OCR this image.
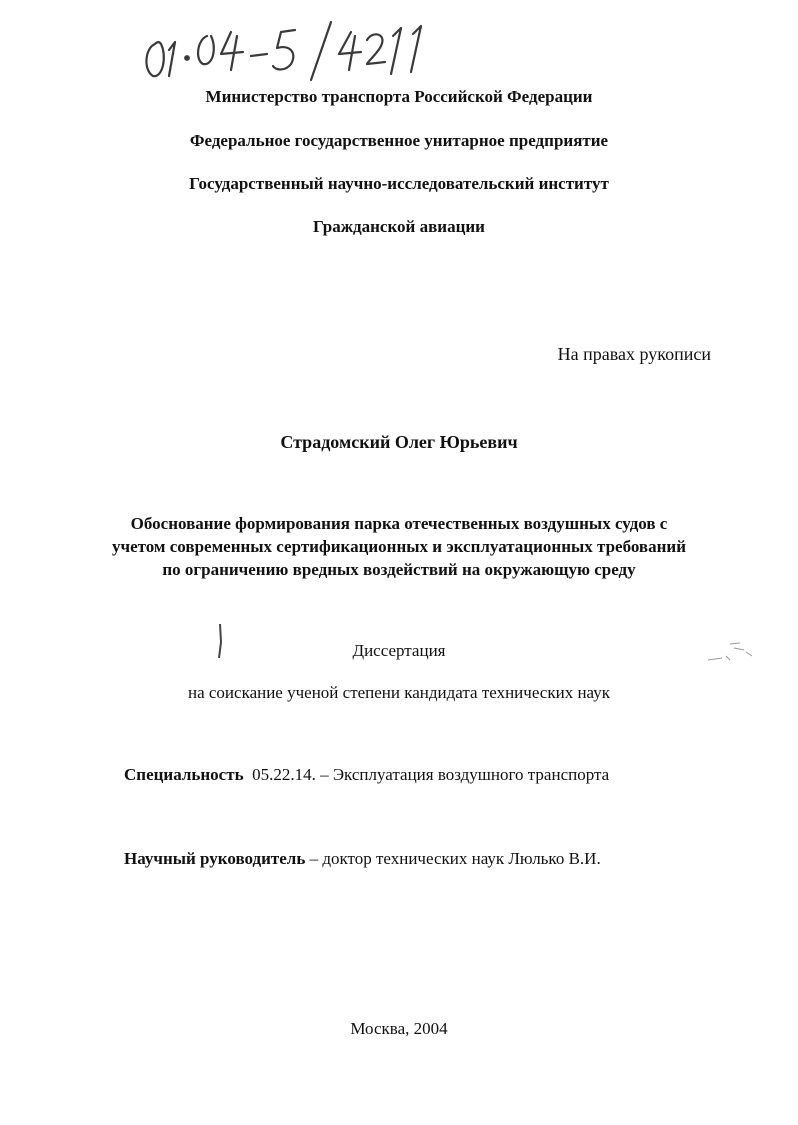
Министерство транспорта Российской Федерации
Федеральное государственное унитарное предприятие
Государственный научно-исследовательский институт
Гражданской авиации
На правах рукописи
Страдомский Олег Юрьевич
Обоснование формирования парка отечественных воздушных судов с
учетом современных сертификационных и эксплуатационных требований
по ограничению вредных воздействий на окружающую среду
Диссертация
на соискание ученой степени кандидата технических наук
Специальность 05.22.14. – Эксплуатация воздушного транспорта
Научный руководитель – доктор технических наук Люлько В.И.
Москва, 2004
